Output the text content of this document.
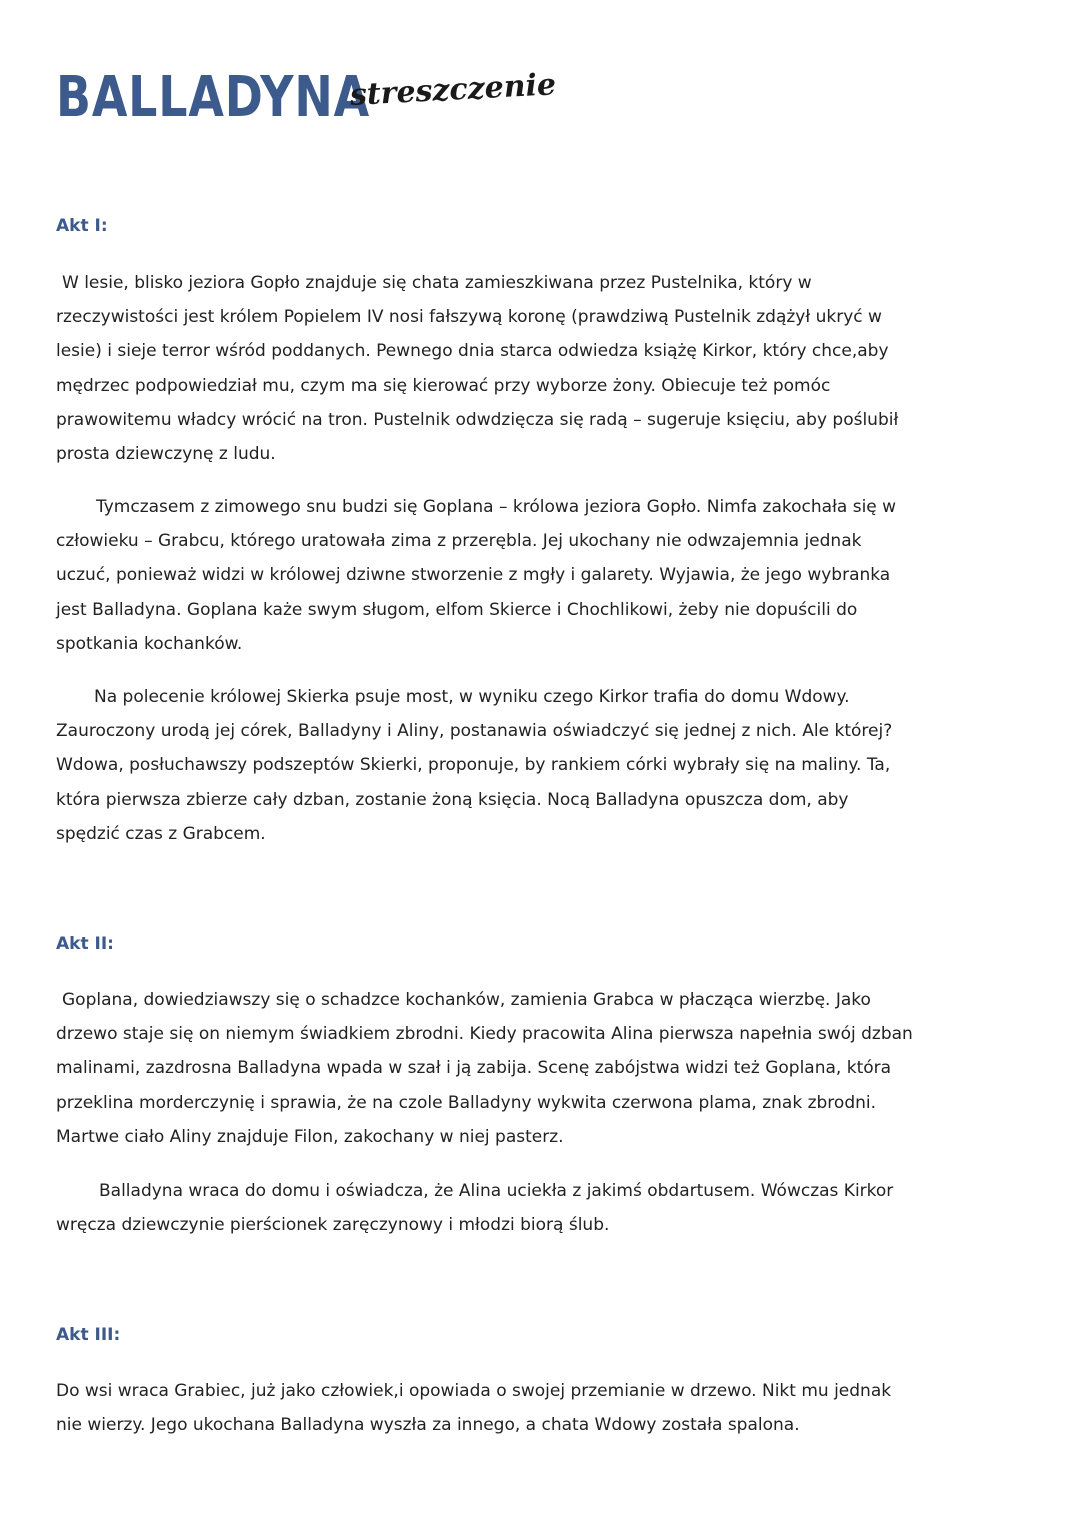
BALLADYNA
streszczenie
Akt I:
W lesie, blisko jeziora Gopło znajduje się chata zamieszkiwana przez Pustelnika, który w
rzeczywistości jest królem Popielem IV nosi fałszywą koronę (prawdziwą Pustelnik zdążył ukryć w
lesie) i sieje terror wśród poddanych. Pewnego dnia starca odwiedza książę Kirkor, który chce,aby
mędrzec podpowiedział mu, czym ma się kierować przy wyborze żony. Obiecuje też pomóc
prawowitemu władcy wrócić na tron. Pustelnik odwdzięcza się radą – sugeruje księciu, aby poślubił
prosta dziewczynę z ludu.
Tymczasem z zimowego snu budzi się Goplana – królowa jeziora Gopło. Nimfa zakochała się w
człowieku – Grabcu, którego uratowała zima z przerębla. Jej ukochany nie odwzajemnia jednak
uczuć, ponieważ widzi w królowej dziwne stworzenie z mgły i galarety. Wyjawia, że jego wybranka
jest Balladyna. Goplana każe swym sługom, elfom Skierce i Chochlikowi, żeby nie dopuścili do
spotkania kochanków.
Na polecenie królowej Skierka psuje most, w wyniku czego Kirkor trafia do domu Wdowy.
Zauroczony urodą jej córek, Balladyny i Aliny, postanawia oświadczyć się jednej z nich. Ale której?
Wdowa, posłuchawszy podszeptów Skierki, proponuje, by rankiem córki wybrały się na maliny. Ta,
która pierwsza zbierze cały dzban, zostanie żoną księcia. Nocą Balladyna opuszcza dom, aby
spędzić czas z Grabcem.
Akt II:
Goplana, dowiedziawszy się o schadzce kochanków, zamienia Grabca w płacząca wierzbę. Jako
drzewo staje się on niemym świadkiem zbrodni. Kiedy pracowita Alina pierwsza napełnia swój dzban
malinami, zazdrosna Balladyna wpada w szał i ją zabija. Scenę zabójstwa widzi też Goplana, która
przeklina morderczynię i sprawia, że na czole Balladyny wykwita czerwona plama, znak zbrodni.
Martwe ciało Aliny znajduje Filon, zakochany w niej pasterz.
Balladyna wraca do domu i oświadcza, że Alina uciekła z jakimś obdartusem. Wówczas Kirkor
wręcza dziewczynie pierścionek zaręczynowy i młodzi biorą ślub.
Akt III:
Do wsi wraca Grabiec, już jako człowiek,i opowiada o swojej przemianie w drzewo. Nikt mu jednak
nie wierzy. Jego ukochana Balladyna wyszła za innego, a chata Wdowy została spalona.
